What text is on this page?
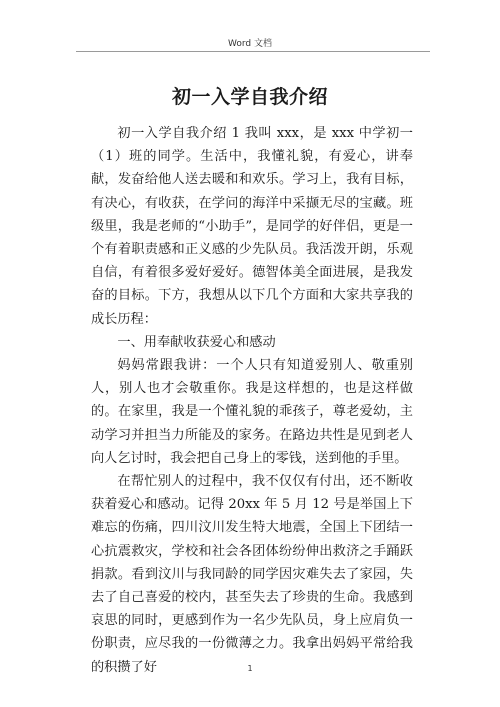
Word 文档
初一入学自我介绍

初一入学自我介绍 1 我叫 xxx，是 xxx 中学初一（1）班的同学。生活中，我懂礼貌，有爱心，讲奉献，发奋给他人送去暖和和欢乐。学习上，我有目标，有决心，有收获，在学问的海洋中采撷无尽的宝藏。班级里，我是老师的“小助手”，是同学的好伴侣，更是一个有着职责感和正义感的少先队员。我活泼开朗，乐观自信，有着很多爱好爱好。德智体美全面进展，是我发奋的目标。下方，我想从以下几个方面和大家共享我的成长历程：

一、用奉献收获爱心和感动

妈妈常跟我讲：一个人只有知道爱别人、敬重别人，别人也才会敬重你。我是这样想的，也是这样做的。在家里，我是一个懂礼貌的乖孩子，尊老爱幼，主动学习并担当力所能及的家务。在路边共性是见到老人向人乞讨时，我会把自己身上的零钱，送到他的手里。

在帮忙别人的过程中，我不仅仅有付出，还不断收获着爱心和感动。记得 20xx 年 5 月 12 号是举国上下难忘的伤痛，四川汶川发生特大地震，全国上下团结一心抗震救灾，学校和社会各团体纷纷伸出救济之手踊跃捐款。看到汶川与我同龄的同学因灾难失去了家园，失去了自己喜爱的校内，甚至失去了珍贵的生命。我感到哀思的同时，更感到作为一名少先队员，身上应肩负一份职责，应尽我的一份微薄之力。我拿出妈妈平常给我的积攒了好	1
